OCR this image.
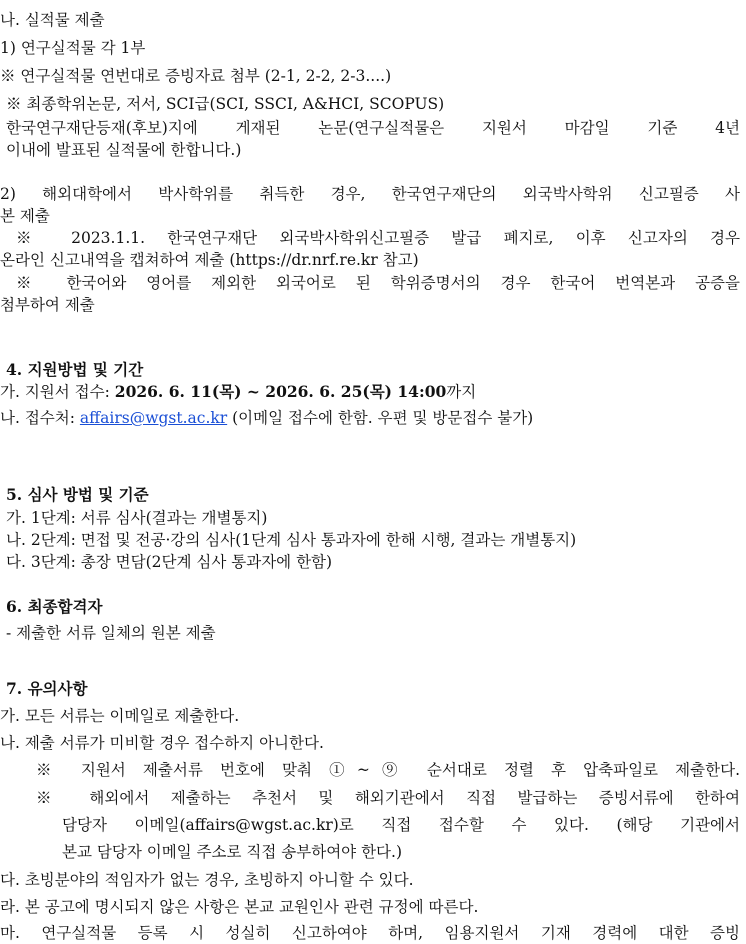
나. 실적물 제출
1) 연구실적물 각 1부
※ 연구실적물 연번대로 증빙자료 첨부 (2-1, 2-2, 2-3....)
※ 최종학위논문, 저서, SCI급(SCI, SSCI, A&HCI, SCOPUS)
한국연구재단등재(후보)지에 게재된 논문(연구실적물은 지원서 마감일 기준 4년
이내에 발표된 실적물에 한합니다.)
2) 해외대학에서 박사학위를 취득한 경우, 한국연구재단의 외국박사학위 신고필증 사
본 제출
※ 2023.1.1. 한국연구재단 외국박사학위신고필증 발급 폐지로, 이후 신고자의 경우
온라인 신고내역을 캡쳐하여 제출 (https://dr.nrf.re.kr 참고)
※ 한국어와 영어를 제외한 외국어로 된 학위증명서의 경우 한국어 번역본과 공증을
첨부하여 제출
4. 지원방법 및 기간
가. 지원서 접수: 2026. 6. 11(목) ~ 2026. 6. 25(목) 14:00까지
나. 접수처: affairs@wgst.ac.kr (이메일 접수에 한함. 우편 및 방문접수 불가)
5. 심사 방법 및 기준
가. 1단계: 서류 심사(결과는 개별통지)
나. 2단계: 면접 및 전공·강의 심사(1단계 심사 통과자에 한해 시행, 결과는 개별통지)
다. 3단계: 총장 면담(2단계 심사 통과자에 한함)
6. 최종합격자
- 제출한 서류 일체의 원본 제출
7. 유의사항
가. 모든 서류는 이메일로 제출한다.
나. 제출 서류가 미비할 경우 접수하지 아니한다.
※ 지원서 제출서류 번호에 맞춰 ①~⑨ 순서대로 정렬 후 압축파일로 제출한다.
※ 해외에서 제출하는 추천서 및 해외기관에서 직접 발급하는 증빙서류에 한하여
담당자 이메일(affairs@wgst.ac.kr)로 직접 접수할 수 있다. (해당 기관에서
본교 담당자 이메일 주소로 직접 송부하여야 한다.)
다. 초빙분야의 적임자가 없는 경우, 초빙하지 아니할 수 있다.
라. 본 공고에 명시되지 않은 사항은 본교 교원인사 관련 규정에 따른다.
마. 연구실적물 등록 시 성실히 신고하여야 하며, 임용지원서 기재 경력에 대한 증빙
